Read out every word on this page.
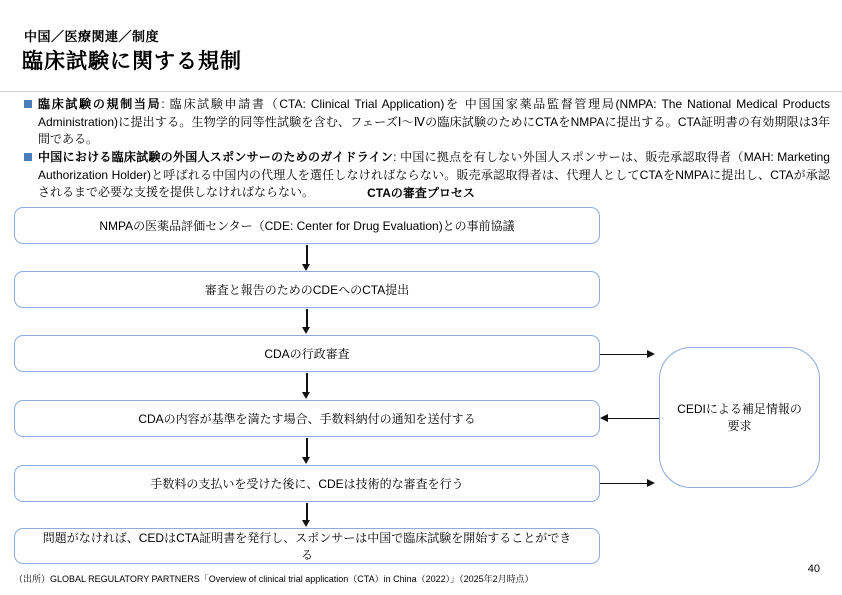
中国／医療関連／制度
臨床試験に関する規制
臨床試験の規制当局: 臨床試験申請書（CTA: Clinical Trial Application)を 中国国家薬品監督管理局(NMPA: The National Medical Products Administration)に提出する。生物学的同等性試験を含む、フェーズⅠ～Ⅳの臨床試験のためにCTAをNMPAに提出する。CTA証明書の有効期限は3年間である。
中国における臨床試験の外国人スポンサーのためのガイドライン: 中国に拠点を有しない外国人スポンサーは、販売承認取得者（MAH: Marketing Authorization Holder)と呼ばれる中国内の代理人を選任しなければならない。販売承認取得者は、代理人としてCTAをNMPAに提出し、CTAが承認されるまで必要な支援を提供しなければならない。	CTAの審査プロセス
NMPAの医薬品評価センター（CDE: Center for Drug Evaluation)との事前協議
審査と報告のためのCDEへのCTA提出
CDAの行政審査
CDAの内容が基準を満たす場合、手数料納付の通知を送付する
手数料の支払いを受けた後に、CDEは技術的な審査を行う
問題がなければ、CEDはCTA証明書を発行し、スポンサーは中国で臨床試験を開始することができる
CEDIによる補足情報の要求
（出所）GLOBAL REGULATORY PARTNERS「Overview of clinical trial application（CTA）in China（2022）」（2025年2月時点）
40
